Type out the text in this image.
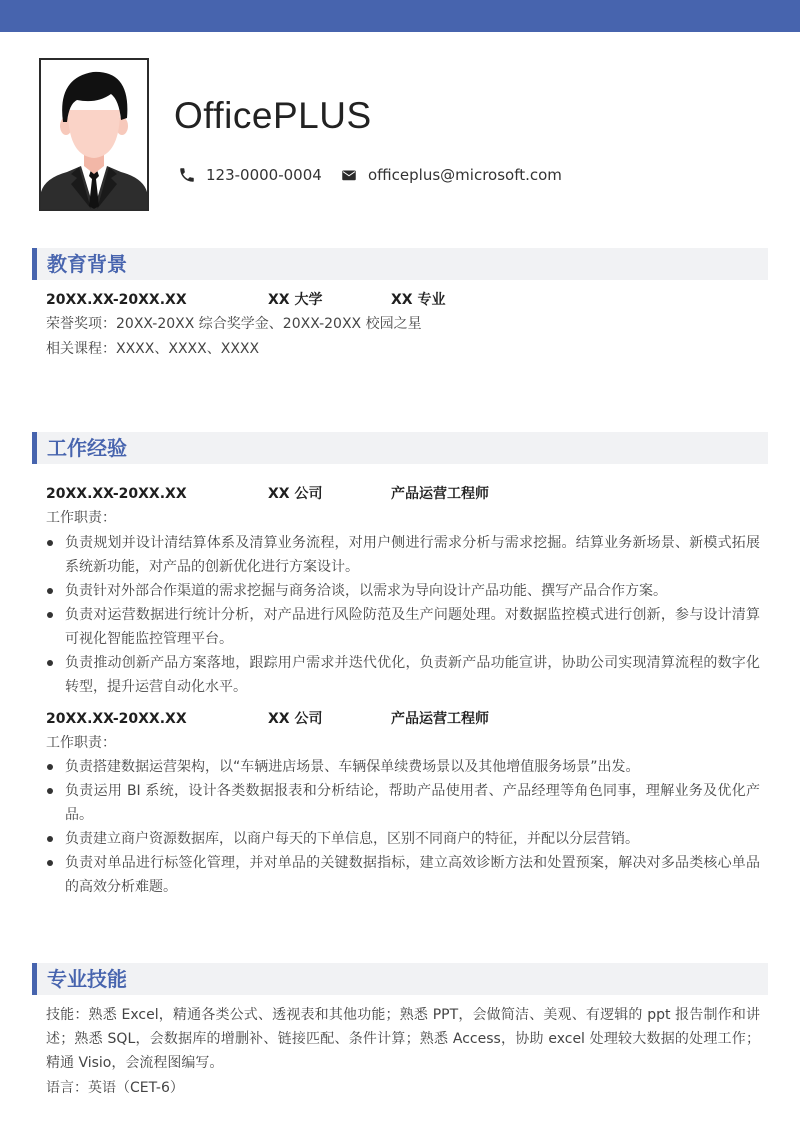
OfficePLUS
123-0000-0004	officeplus@microsoft.com
教育背景
20XX.XX-20XX.XX	XX 大学	XX 专业
荣誉奖项：20XX-20XX 综合奖学金、20XX-20XX 校园之星
相关课程：XXXX、XXXX、XXXX
工作经验
20XX.XX-20XX.XX	XX 公司	产品运营工程师
工作职责：
负责规划并设计清结算体系及清算业务流程，对用户侧进行需求分析与需求挖掘。结算业务新场景、新模式拓展系统新功能，对产品的创新优化进行方案设计。
负责针对外部合作渠道的需求挖掘与商务洽谈，以需求为导向设计产品功能、撰写产品合作方案。
负责对运营数据进行统计分析，对产品进行风险防范及生产问题处理。对数据监控模式进行创新，参与设计清算可视化智能监控管理平台。
负责推动创新产品方案落地，跟踪用户需求并迭代优化，负责新产品功能宣讲，协助公司实现清算流程的数字化转型，提升运营自动化水平。
20XX.XX-20XX.XX	XX 公司	产品运营工程师
工作职责：
负责搭建数据运营架构，以“车辆进店场景、车辆保单续费场景以及其他增值服务场景”出发。
负责运用 BI 系统，设计各类数据报表和分析结论，帮助产品使用者、产品经理等角色同事，理解业务及优化产品。
负责建立商户资源数据库，以商户每天的下单信息，区别不同商户的特征，并配以分层营销。
负责对单品进行标签化管理，并对单品的关键数据指标，建立高效诊断方法和处置预案，解决对多品类核心单品的高效分析难题。
专业技能
技能：熟悉 Excel，精通各类公式、透视表和其他功能；熟悉 PPT，会做简洁、美观、有逻辑的 ppt 报告制作和讲述；熟悉 SQL，会数据库的增删补、链接匹配、条件计算；熟悉 Access，协助 excel 处理较大数据的处理工作；精通 Visio，会流程图编写。
语言：英语（CET-6）
